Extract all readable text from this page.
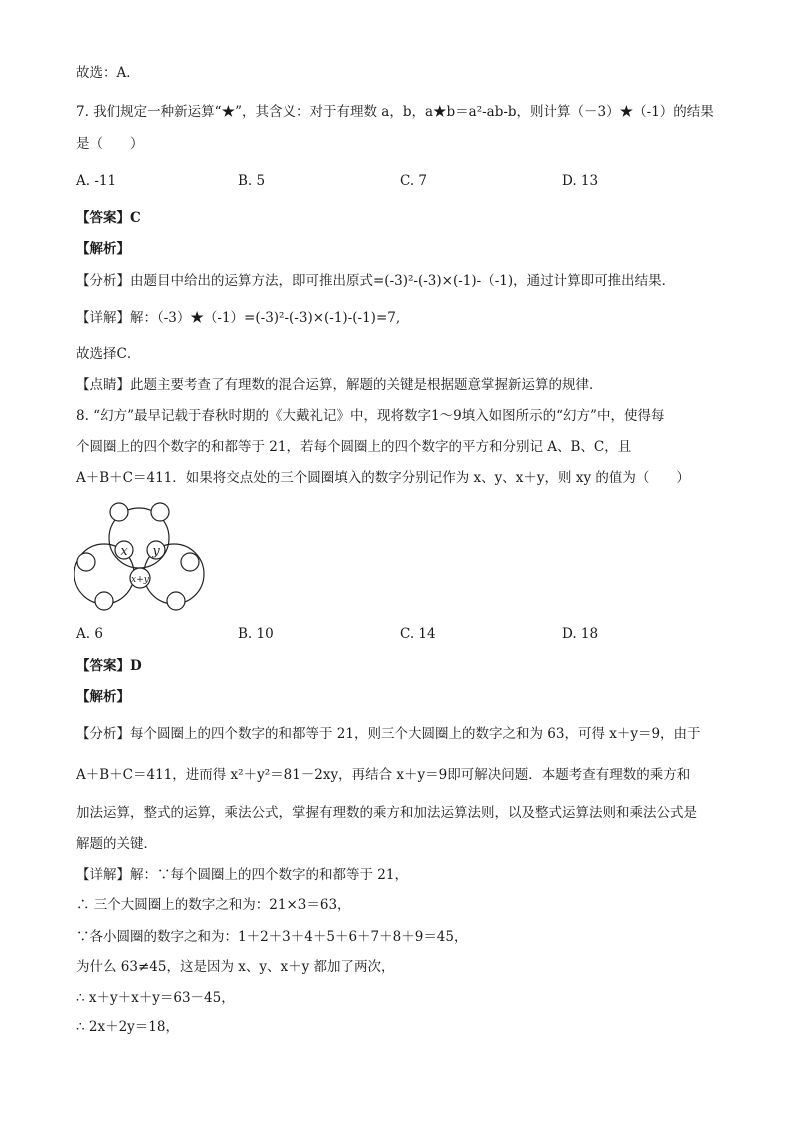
故选：A．
7. 我们规定一种新运算“★”，其含义：对于有理数 a，b，a★b＝a²-ab-b，则计算（－3）★（-1）的结果
是（　　）
A. -11	B. 5	C. 7	D. 13
【答案】C
【解析】
【分析】由题目中给出的运算方法，即可推出原式=(-3)²-(-3)×(-1)-（-1)，通过计算即可推出结果．
【详解】解：（-3）★（-1）=(-3)²-(-3)×(-1)-(-1)=7,
故选择C．
【点睛】此题主要考查了有理数的混合运算，解题的关键是根据题意掌握新运算的规律．
8. “幻方”最早记载于春秋时期的《大戴礼记》中，现将数字1～9填入如图所示的“幻方”中，使得每
个圆圈上的四个数字的和都等于 21，若每个圆圈上的四个数字的平方和分别记 A、B、C，且
A＋B＋C＝411．如果将交点处的三个圆圈填入的数字分别记作为 x、y、x＋y，则 xy 的值为（　　）
x y
x+y
A. 6	B. 10	C. 14	D. 18
【答案】D
【解析】
【分析】每个圆圈上的四个数字的和都等于 21，则三个大圆圈上的数字之和为 63，可得 x＋y＝9，由于
A＋B＋C＝411，进而得 x²＋y²＝81－2xy，再结合 x＋y＝9即可解决问题．本题考查有理数的乘方和
加法运算，整式的运算，乘法公式，掌握有理数的乘方和加法运算法则，以及整式运算法则和乘法公式是
解题的关键．
【详解】解：∵每个圆圈上的四个数字的和都等于 21，
∴ 三个大圆圈上的数字之和为：21×3＝63，
∵各小圆圈的数字之和为：1＋2＋3＋4＋5＋6＋7＋8＋9＝45，
为什么 63≠45，这是因为 x、y、x＋y 都加了两次，
∴ x＋y＋x＋y＝63－45，
∴ 2x＋2y＝18，
